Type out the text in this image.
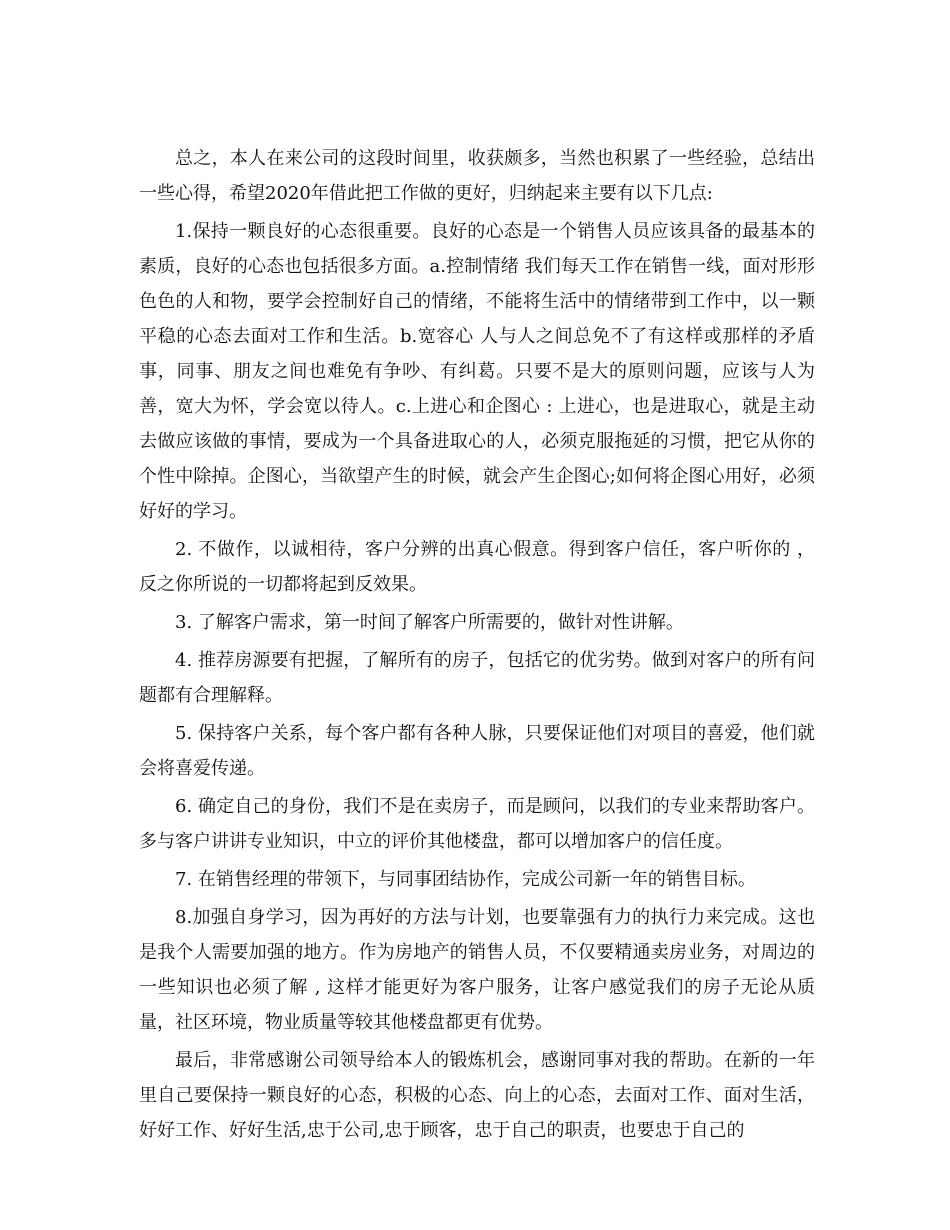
总之，本人在来公司的这段时间里，收获颇多，当然也积累了一些经验，总结出一些心得，希望2020年借此把工作做的更好，归纳起来主要有以下几点:

1.保持一颗良好的心态很重要。良好的心态是一个销售人员应该具备的最基本的素质，良好的心态也包括很多方面。a.控制情绪 我们每天工作在销售一线，面对形形色色的人和物，要学会控制好自己的情绪，不能将生活中的情绪带到工作中，以一颗平稳的心态去面对工作和生活。b.宽容心 人与人之间总免不了有这样或那样的矛盾事，同事、朋友之间也难免有争吵、有纠葛。只要不是大的原则问题，应该与人为善，宽大为怀，学会宽以待人。c.上进心和企图心 : 上进心，也是进取心，就是主动去做应该做的事情，要成为一个具备进取心的人，必须克服拖延的习惯，把它从你的个性中除掉。企图心，当欲望产生的时候，就会产生企图心;如何将企图心用好，必须好好的学习。

2. 不做作，以诚相待，客户分辨的出真心假意。得到客户信任，客户听你的 ，反之你所说的一切都将起到反效果。

3. 了解客户需求，第一时间了解客户所需要的，做针对性讲解。

4. 推荐房源要有把握，了解所有的房子，包括它的优劣势。做到对客户的所有问题都有合理解释。

5. 保持客户关系，每个客户都有各种人脉，只要保证他们对项目的喜爱，他们就会将喜爱传递。

6. 确定自己的身份，我们不是在卖房子，而是顾问，以我们的专业来帮助客户。多与客户讲讲专业知识，中立的评价其他楼盘，都可以增加客户的信任度。

7. 在销售经理的带领下，与同事团结协作，完成公司新一年的销售目标。

8.加强自身学习，因为再好的方法与计划，也要靠强有力的执行力来完成。这也是我个人需要加强的地方。作为房地产的销售人员，不仅要精通卖房业务，对周边的一些知识也必须了解 , 这样才能更好为客户服务，让客户感觉我们的房子无论从质量，社区环境，物业质量等较其他楼盘都更有优势。

最后，非常感谢公司领导给本人的锻炼机会，感谢同事对我的帮助。在新的一年里自己要保持一颗良好的心态，积极的心态、向上的心态，去面对工作、面对生活，好好工作、好好生活,忠于公司,忠于顾客，忠于自己的职责，也要忠于自己的
